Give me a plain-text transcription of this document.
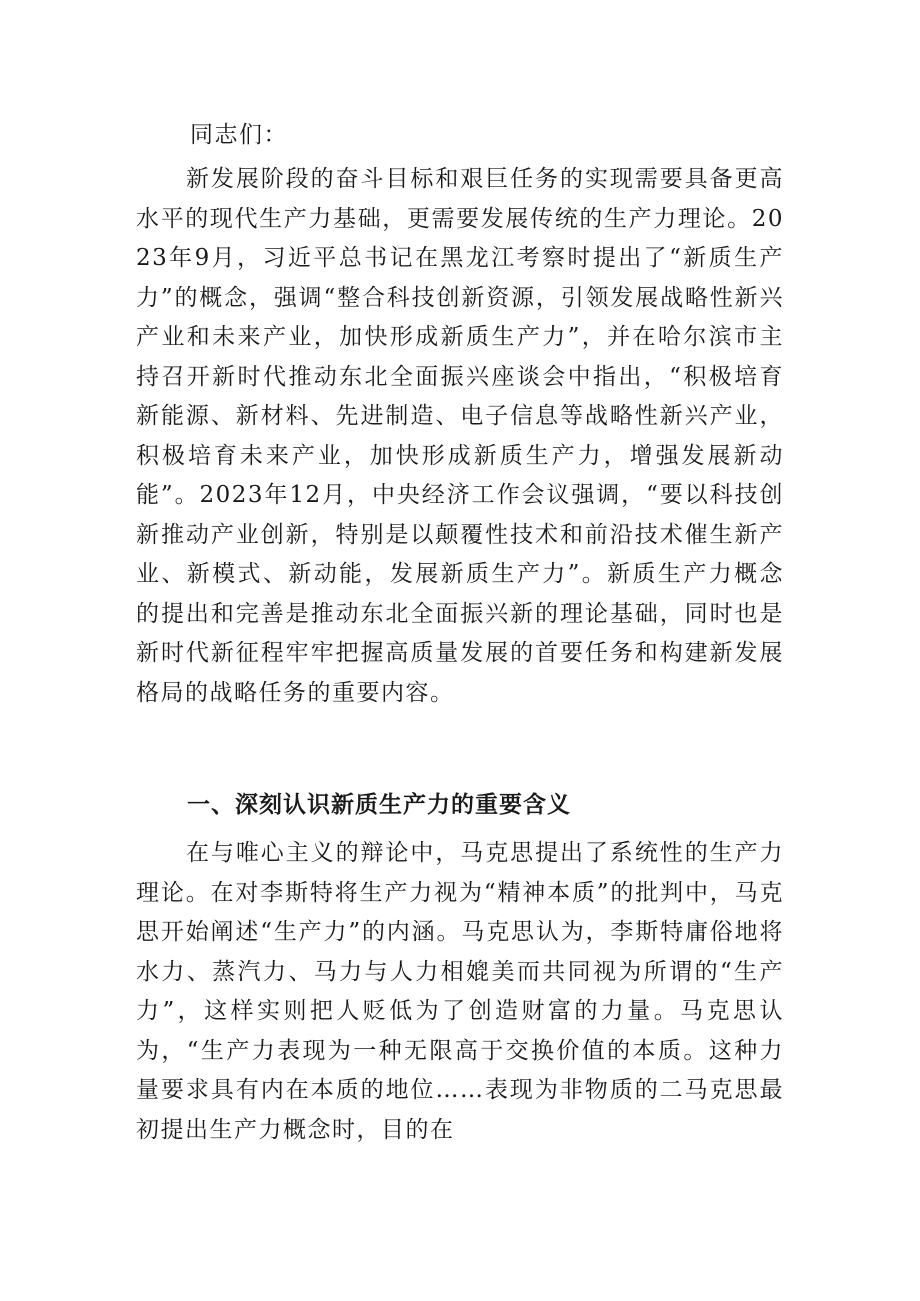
同志们：
新发展阶段的奋斗目标和艰巨任务的实现需要具备更高水平的现代生产力基础，更需要发展传统的生产力理论。2023年9月，习近平总书记在黑龙江考察时提出了“新质生产力”的概念，强调“整合科技创新资源，引领发展战略性新兴产业和未来产业，加快形成新质生产力”，并在哈尔滨市主持召开新时代推动东北全面振兴座谈会中指出，“积极培育新能源、新材料、先进制造、电子信息等战略性新兴产业，积极培育未来产业，加快形成新质生产力，增强发展新动能”。2023年12月，中央经济工作会议强调，“要以科技创新推动产业创新，特别是以颠覆性技术和前沿技术催生新产业、新模式、新动能，发展新质生产力”。新质生产力概念的提出和完善是推动东北全面振兴新的理论基础，同时也是新时代新征程牢牢把握高质量发展的首要任务和构建新发展格局的战略任务的重要内容。
一、深刻认识新质生产力的重要含义
在与唯心主义的辩论中，马克思提出了系统性的生产力理论。在对李斯特将生产力视为“精神本质”的批判中，马克思开始阐述“生产力”的内涵。马克思认为，李斯特庸俗地将水力、蒸汽力、马力与人力相媲美而共同视为所谓的“生产力”，这样实则把人贬低为了创造财富的力量。马克思认为，“生产力表现为一种无限高于交换价值的本质。这种力量要求具有内在本质的地位……表现为非物质的二马克思最初提出生产力概念时，目的在
